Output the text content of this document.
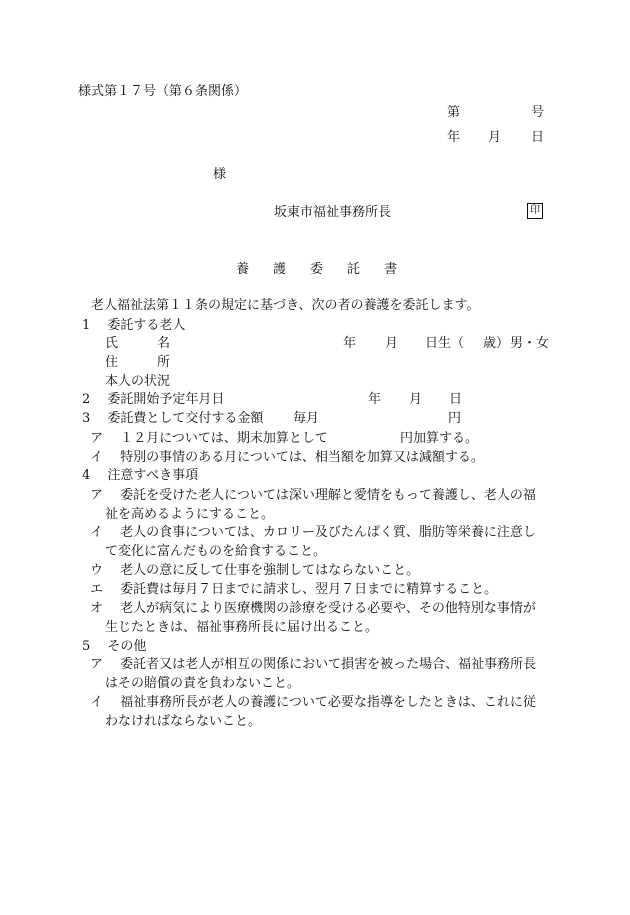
様式第１７号（第６条関係）
第	号
年 月 日
様
坂東市福祉事務所長	印
養 護 委 託 書
老人福祉法第１１条の規定に基づき、次の者の養護を委託します。
1　 委託する老人
氏　　　名	年 月 日生（ 歳） 男・女
住　　　所
本人の状況
2　 委託開始予定年月日	年 月 日
3　 委託費として交付する金額 毎月	円
ア　 １２月については、期末加算として	円加算する。
イ　 特別の事情のある月については、相当額を加算又は減額する。
4　 注意すべき事項
ア　 委託を受けた老人については深い理解と愛情をもって養護し、老人の福
祉を高めるようにすること。
イ　 老人の食事については、カロリー及びたんぱく質、脂肪等栄養に注意し
て変化に富んだものを給食すること。
ウ　 老人の意に反して仕事を強制してはならないこと。
エ　 委託費は毎月７日までに請求し、翌月７日までに精算すること。
オ　 老人が病気により医療機関の診療を受ける必要や、その他特別な事情が
生じたときは、福祉事務所長に届け出ること。
5　 その他
ア　 委託者又は老人が相互の関係において損害を被った場合、福祉事務所長
はその賠償の責を負わないこと。
イ　 福祉事務所長が老人の養護について必要な指導をしたときは、これに従
わなければならないこと。
